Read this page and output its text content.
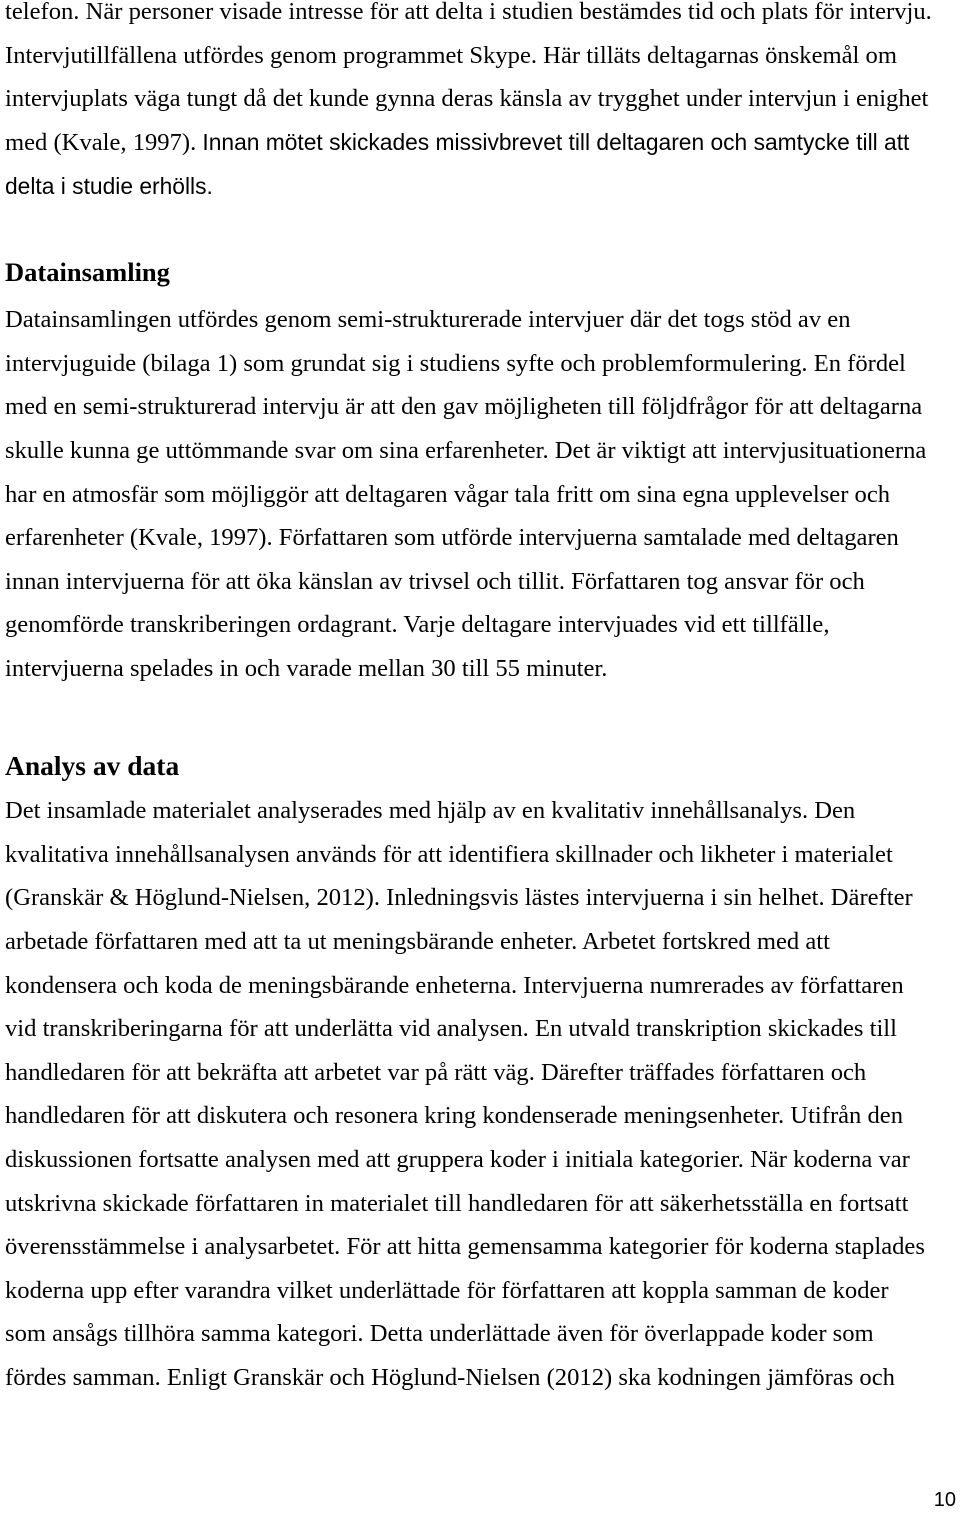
telefon. När personer visade intresse för att delta i studien bestämdes tid och plats för intervju.
Intervjutillfällena utfördes genom programmet Skype. Här tilläts deltagarnas önskemål om
intervjuplats väga tungt då det kunde gynna deras känsla av trygghet under intervjun i enighet
med (Kvale, 1997). Innan mötet skickades missivbrevet till deltagaren och samtycke till att
delta i studie erhölls.
Datainsamling
Datainsamlingen utfördes genom semi-strukturerade intervjuer där det togs stöd av en
intervjuguide (bilaga 1) som grundat sig i studiens syfte och problemformulering. En fördel
med en semi-strukturerad intervju är att den gav möjligheten till följdfrågor för att deltagarna
skulle kunna ge uttömmande svar om sina erfarenheter. Det är viktigt att intervjusituationerna
har en atmosfär som möjliggör att deltagaren vågar tala fritt om sina egna upplevelser och
erfarenheter (Kvale, 1997). Författaren som utförde intervjuerna samtalade med deltagaren
innan intervjuerna för att öka känslan av trivsel och tillit. Författaren tog ansvar för och
genomförde transkriberingen ordagrant. Varje deltagare intervjuades vid ett tillfälle,
intervjuerna spelades in och varade mellan 30 till 55 minuter.
Analys av data
Det insamlade materialet analyserades med hjälp av en kvalitativ innehållsanalys. Den
kvalitativa innehållsanalysen används för att identifiera skillnader och likheter i materialet
(Granskär & Höglund-Nielsen, 2012). Inledningsvis lästes intervjuerna i sin helhet. Därefter
arbetade författaren med att ta ut meningsbärande enheter. Arbetet fortskred med att
kondensera och koda de meningsbärande enheterna. Intervjuerna numrerades av författaren
vid transkriberingarna för att underlätta vid analysen. En utvald transkription skickades till
handledaren för att bekräfta att arbetet var på rätt väg. Därefter träffades författaren och
handledaren för att diskutera och resonera kring kondenserade meningsenheter. Utifrån den
diskussionen fortsatte analysen med att gruppera koder i initiala kategorier. När koderna var
utskrivna skickade författaren in materialet till handledaren för att säkerhetsställa en fortsatt
överensstämmelse i analysarbetet. För att hitta gemensamma kategorier för koderna staplades
koderna upp efter varandra vilket underlättade för författaren att koppla samman de koder
som ansågs tillhöra samma kategori. Detta underlättade även för överlappade koder som
fördes samman. Enligt Granskär och Höglund-Nielsen (2012) ska kodningen jämföras och
10
